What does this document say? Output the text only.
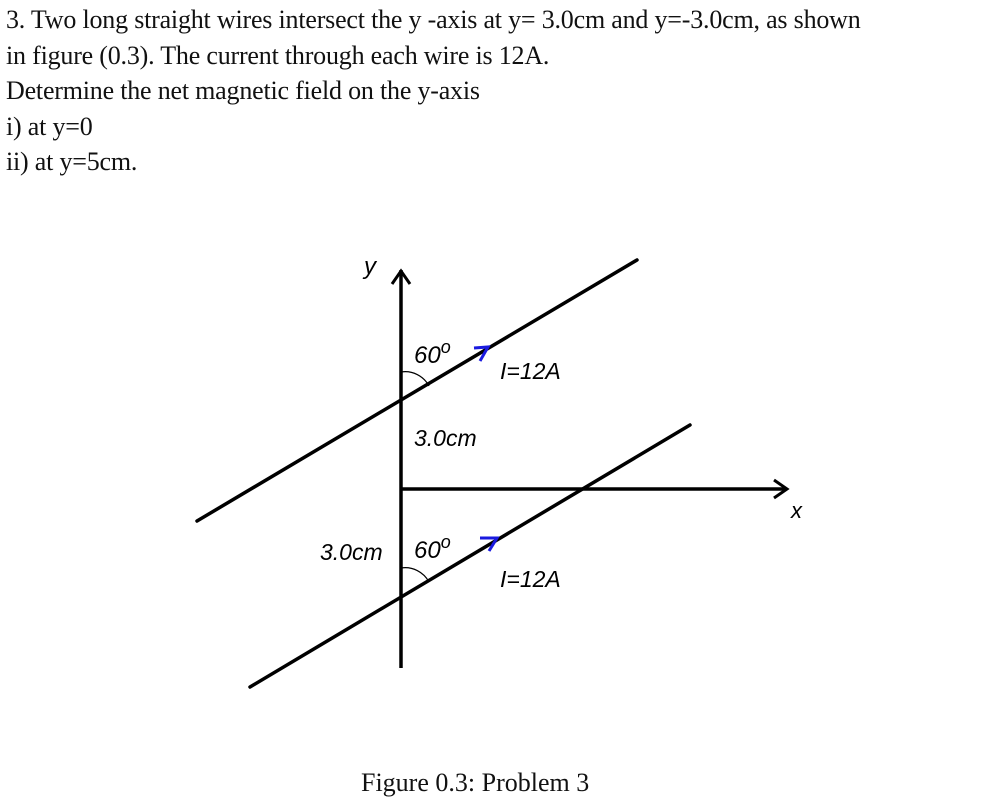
3. Two long straight wires intersect the y -axis at y= 3.0cm and y=-3.0cm, as shown
in figure (0.3). The current through each wire is 12A.
Determine the net magnetic field on the y-axis
i) at y=0
ii) at y=5cm.
y
x
60$^o$
I=12A
3.0cm
60$^o$
I=12A
3.0cm
Figure 0.3: Problem 3
